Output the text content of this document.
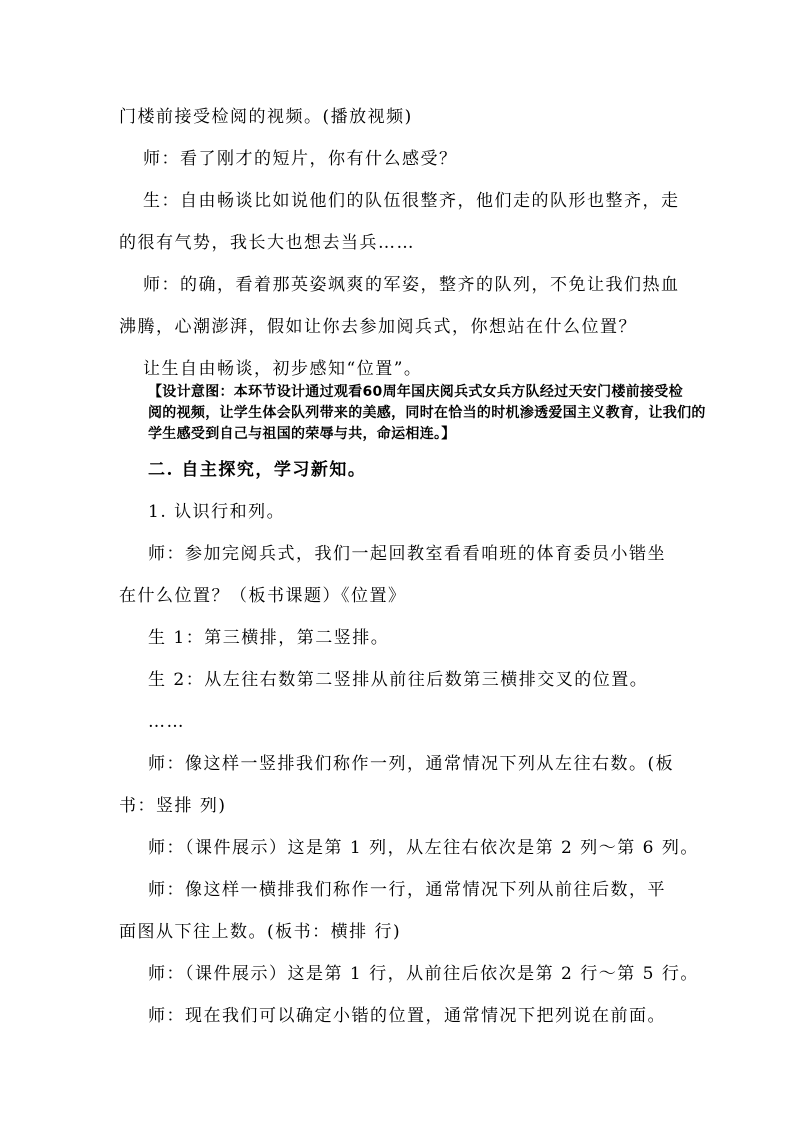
门楼前接受检阅的视频。(播放视频)
师：看了刚才的短片，你有什么感受？
生：自由畅谈比如说他们的队伍很整齐，他们走的队形也整齐，走
的很有气势，我长大也想去当兵……
师：的确，看着那英姿飒爽的军姿，整齐的队列，不免让我们热血
沸腾，心潮澎湃，假如让你去参加阅兵式，你想站在什么位置？
让生自由畅谈，初步感知“位置”。
【设计意图：本环节设计通过观看60周年国庆阅兵式女兵方队经过天安门楼前接受检
阅的视频，让学生体会队列带来的美感，同时在恰当的时机渗透爱国主义教育，让我们的
学生感受到自己与祖国的荣辱与共，命运相连。】
二. 自主探究，学习新知。
1. 认识行和列。
师：参加完阅兵式，我们一起回教室看看咱班的体育委员小锴坐
在什么位置？（板书课题）《位置》
生 1：第三横排，第二竖排。
生 2：从左往右数第二竖排从前往后数第三横排交叉的位置。
……
师：像这样一竖排我们称作一列，通常情况下列从左往右数。(板
书：竖排 列)
师：（课件展示）这是第 1 列，从左往右依次是第 2 列～第 6 列。
师：像这样一横排我们称作一行，通常情况下列从前往后数，平
面图从下往上数。(板书：横排 行)
师：（课件展示）这是第 1 行，从前往后依次是第 2 行～第 5 行。
师：现在我们可以确定小锴的位置，通常情况下把列说在前面。
